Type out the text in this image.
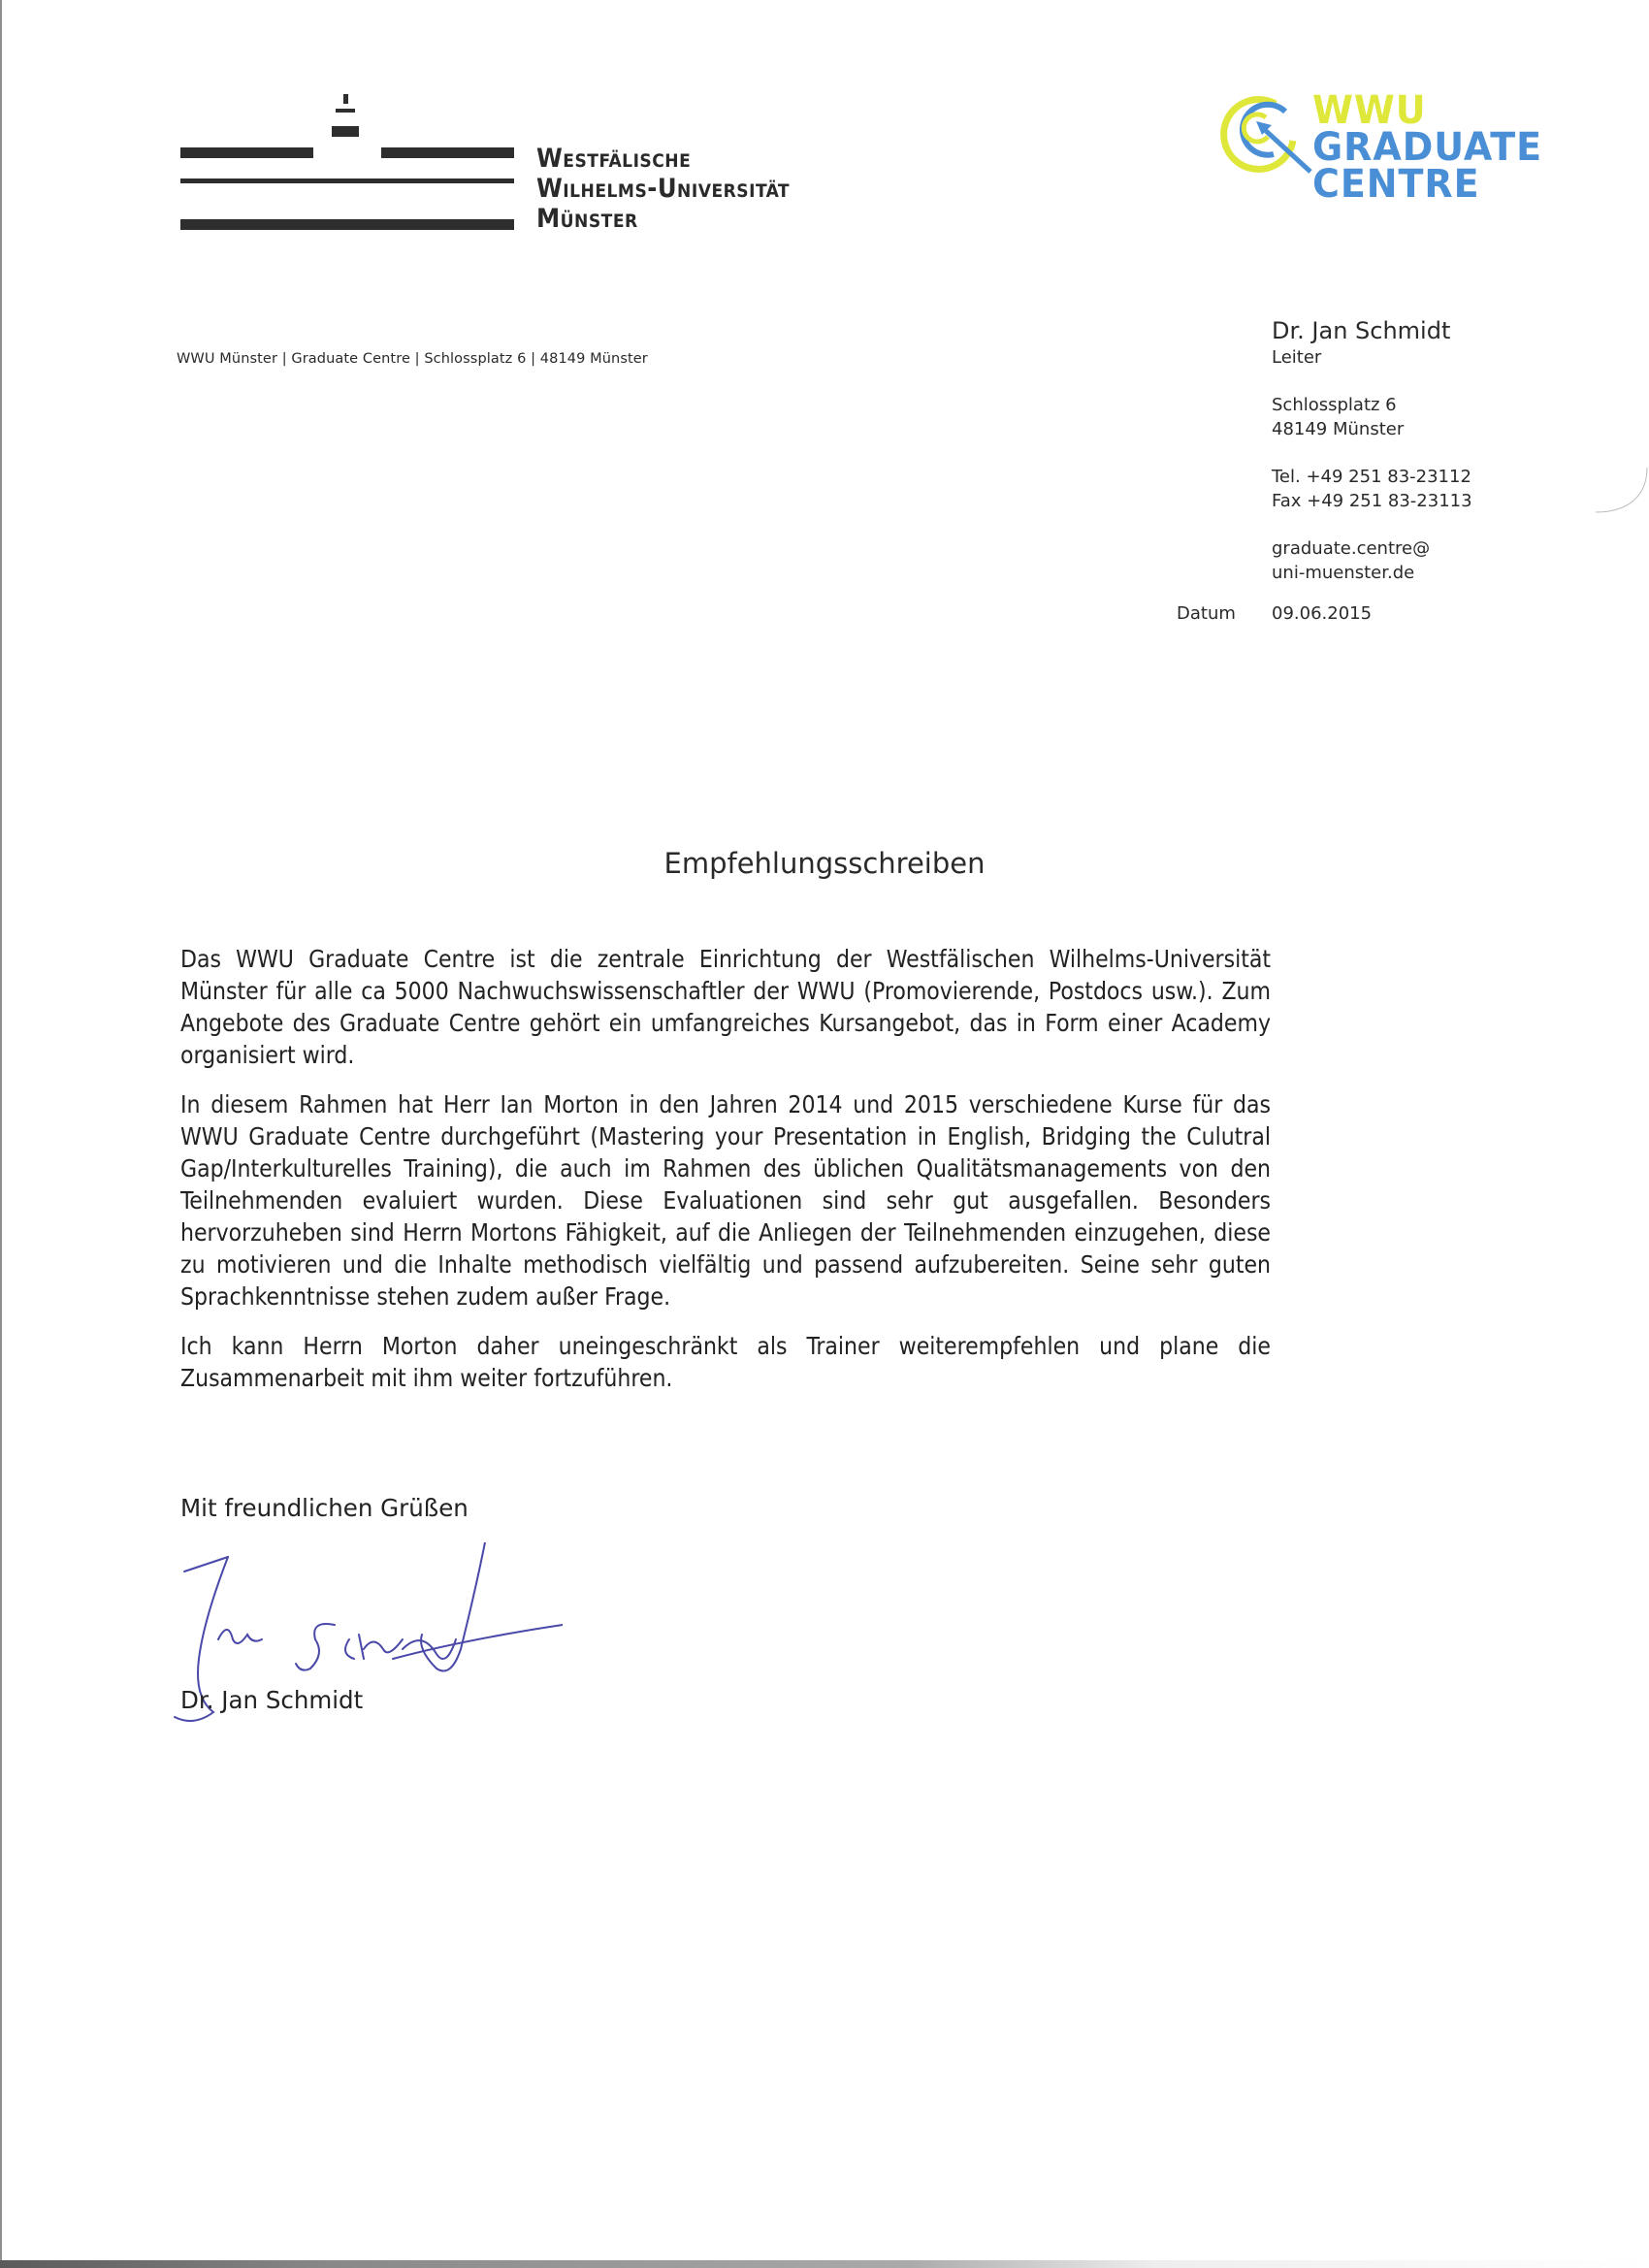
Westfälische
Wilhelms-Universität
Münster
WWU
GRADUATE
CENTRE
WWU Münster | Graduate Centre | Schlossplatz 6 | 48149 Münster
Dr. Jan Schmidt
Leiter
Schlossplatz 6
48149 Münster
Tel. +49 251 83-23112
Fax +49 251 83-23113
graduate.centre@
uni-muenster.de
Datum 09.06.2015
Empfehlungsschreiben

Das WWU Graduate Centre ist die zentrale Einrichtung der Westfälischen Wilhelms-Universität Münster für alle ca 5000 Nachwuchswissenschaftler der WWU (Promovierende, Postdocs usw.). Zum Angebote des Graduate Centre gehört ein umfangreiches Kursangebot, das in Form einer Academy organisiert wird.

In diesem Rahmen hat Herr Ian Morton in den Jahren 2014 und 2015 verschiedene Kurse für das WWU Graduate Centre durchgeführt (Mastering your Presentation in English, Bridging the Culutral Gap/Interkulturelles Training), die auch im Rahmen des üblichen Qualitätsmanagements von den Teilnehmenden evaluiert wurden. Diese Evaluationen sind sehr gut ausgefallen. Besonders hervorzuheben sind Herrn Mortons Fähigkeit, auf die Anliegen der Teilnehmenden einzugehen, diese zu motivieren und die Inhalte methodisch vielfältig und passend aufzubereiten. Seine sehr guten Sprachkenntnisse stehen zudem außer Frage.

Ich kann Herrn Morton daher uneingeschränkt als Trainer weiterempfehlen und plane die Zusammenarbeit mit ihm weiter fortzuführen.

Mit freundlichen Grüßen
Dr. Jan Schmidt
